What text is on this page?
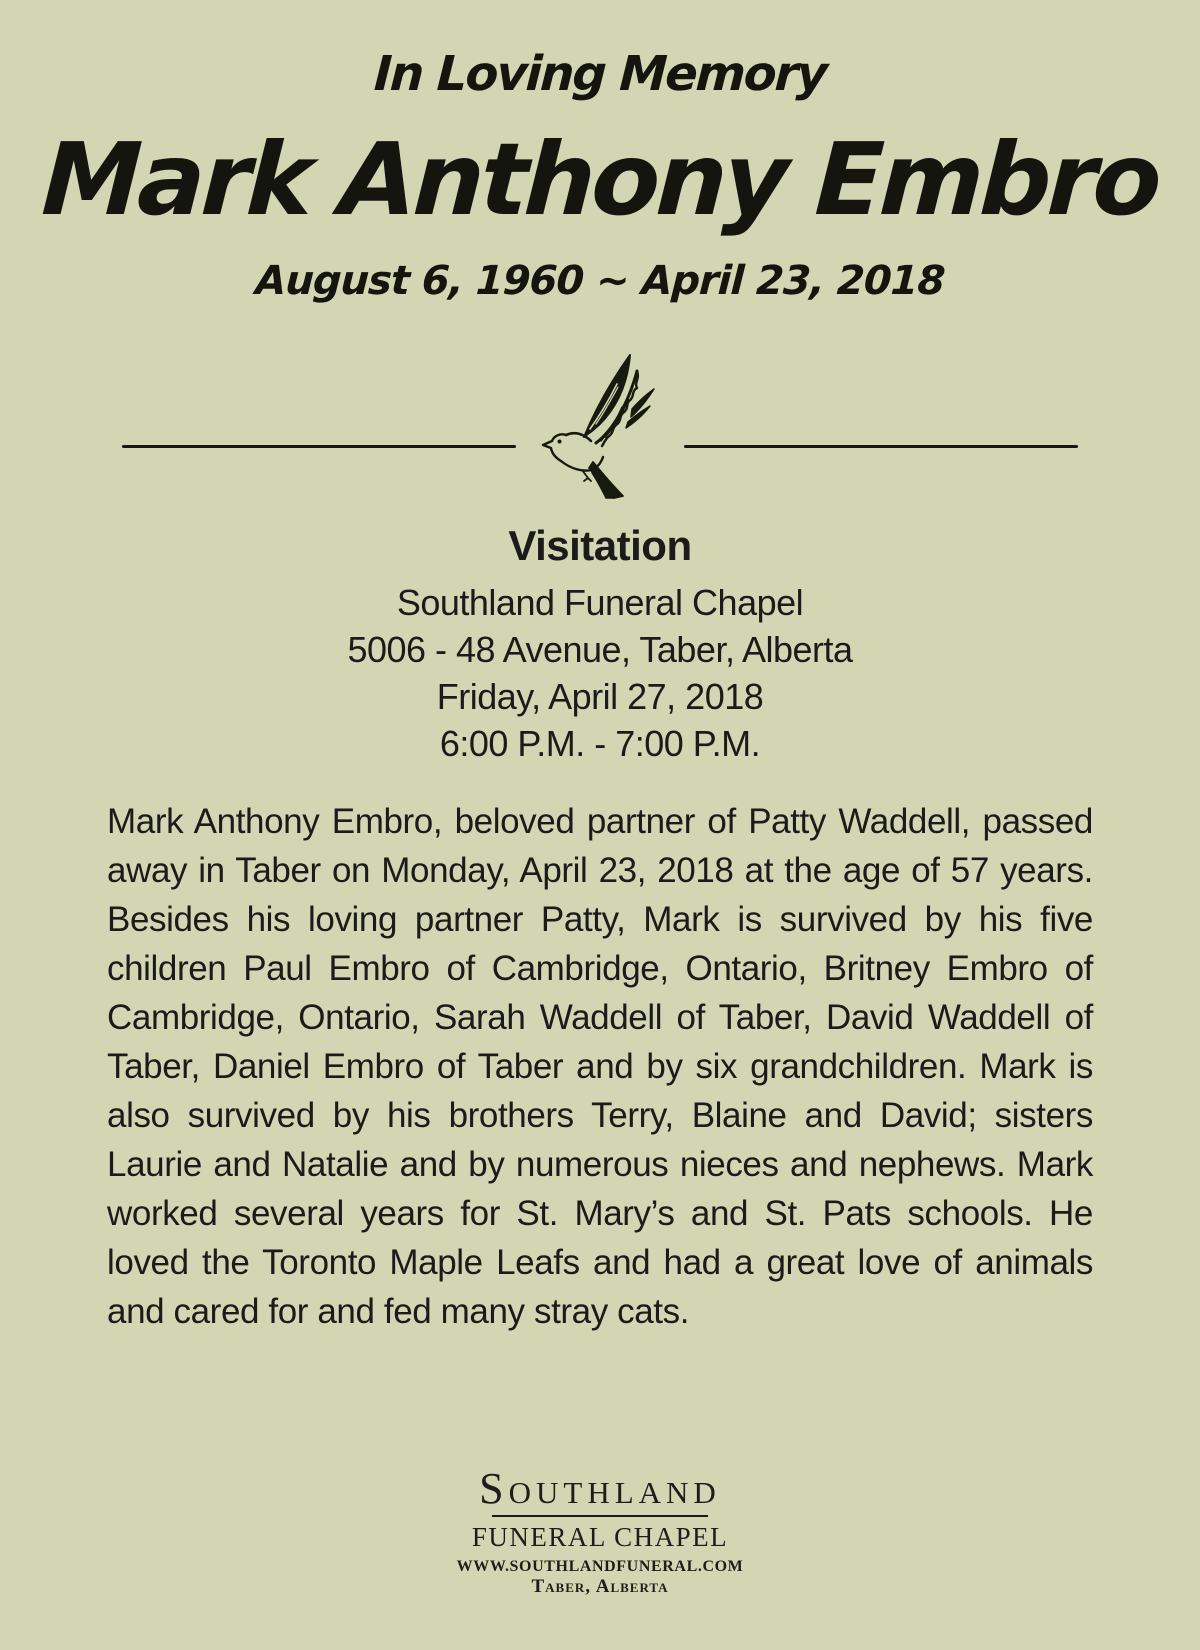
In Loving Memory
Mark Anthony Embro
August 6, 1960 ~ April 23, 2018
Visitation
Southland Funeral Chapel
5006 - 48 Avenue, Taber, Alberta
Friday, April 27, 2018
6:00 P.M. - 7:00 P.M.

Mark Anthony Embro, beloved partner of Patty Waddell, passed away in Taber on Monday, April 23, 2018 at the age of 57 years. Besides his loving partner Patty, Mark is survived by his five children Paul Embro of Cambridge, Ontario, Britney Embro of Cambridge, Ontario, Sarah Waddell of Taber, David Waddell of Taber, Daniel Embro of Taber and by six grandchildren. Mark is also survived by his brothers Terry, Blaine and David; sisters Laurie and Natalie and by numerous nieces and nephews. Mark worked several years for St. Mary’s and St. Pats schools. He loved the Toronto Maple Leafs and had a great love of animals and cared for and fed many stray cats.

Southland
FUNERAL CHAPEL
WWW.SOUTHLANDFUNERAL.COM
Taber, Alberta
